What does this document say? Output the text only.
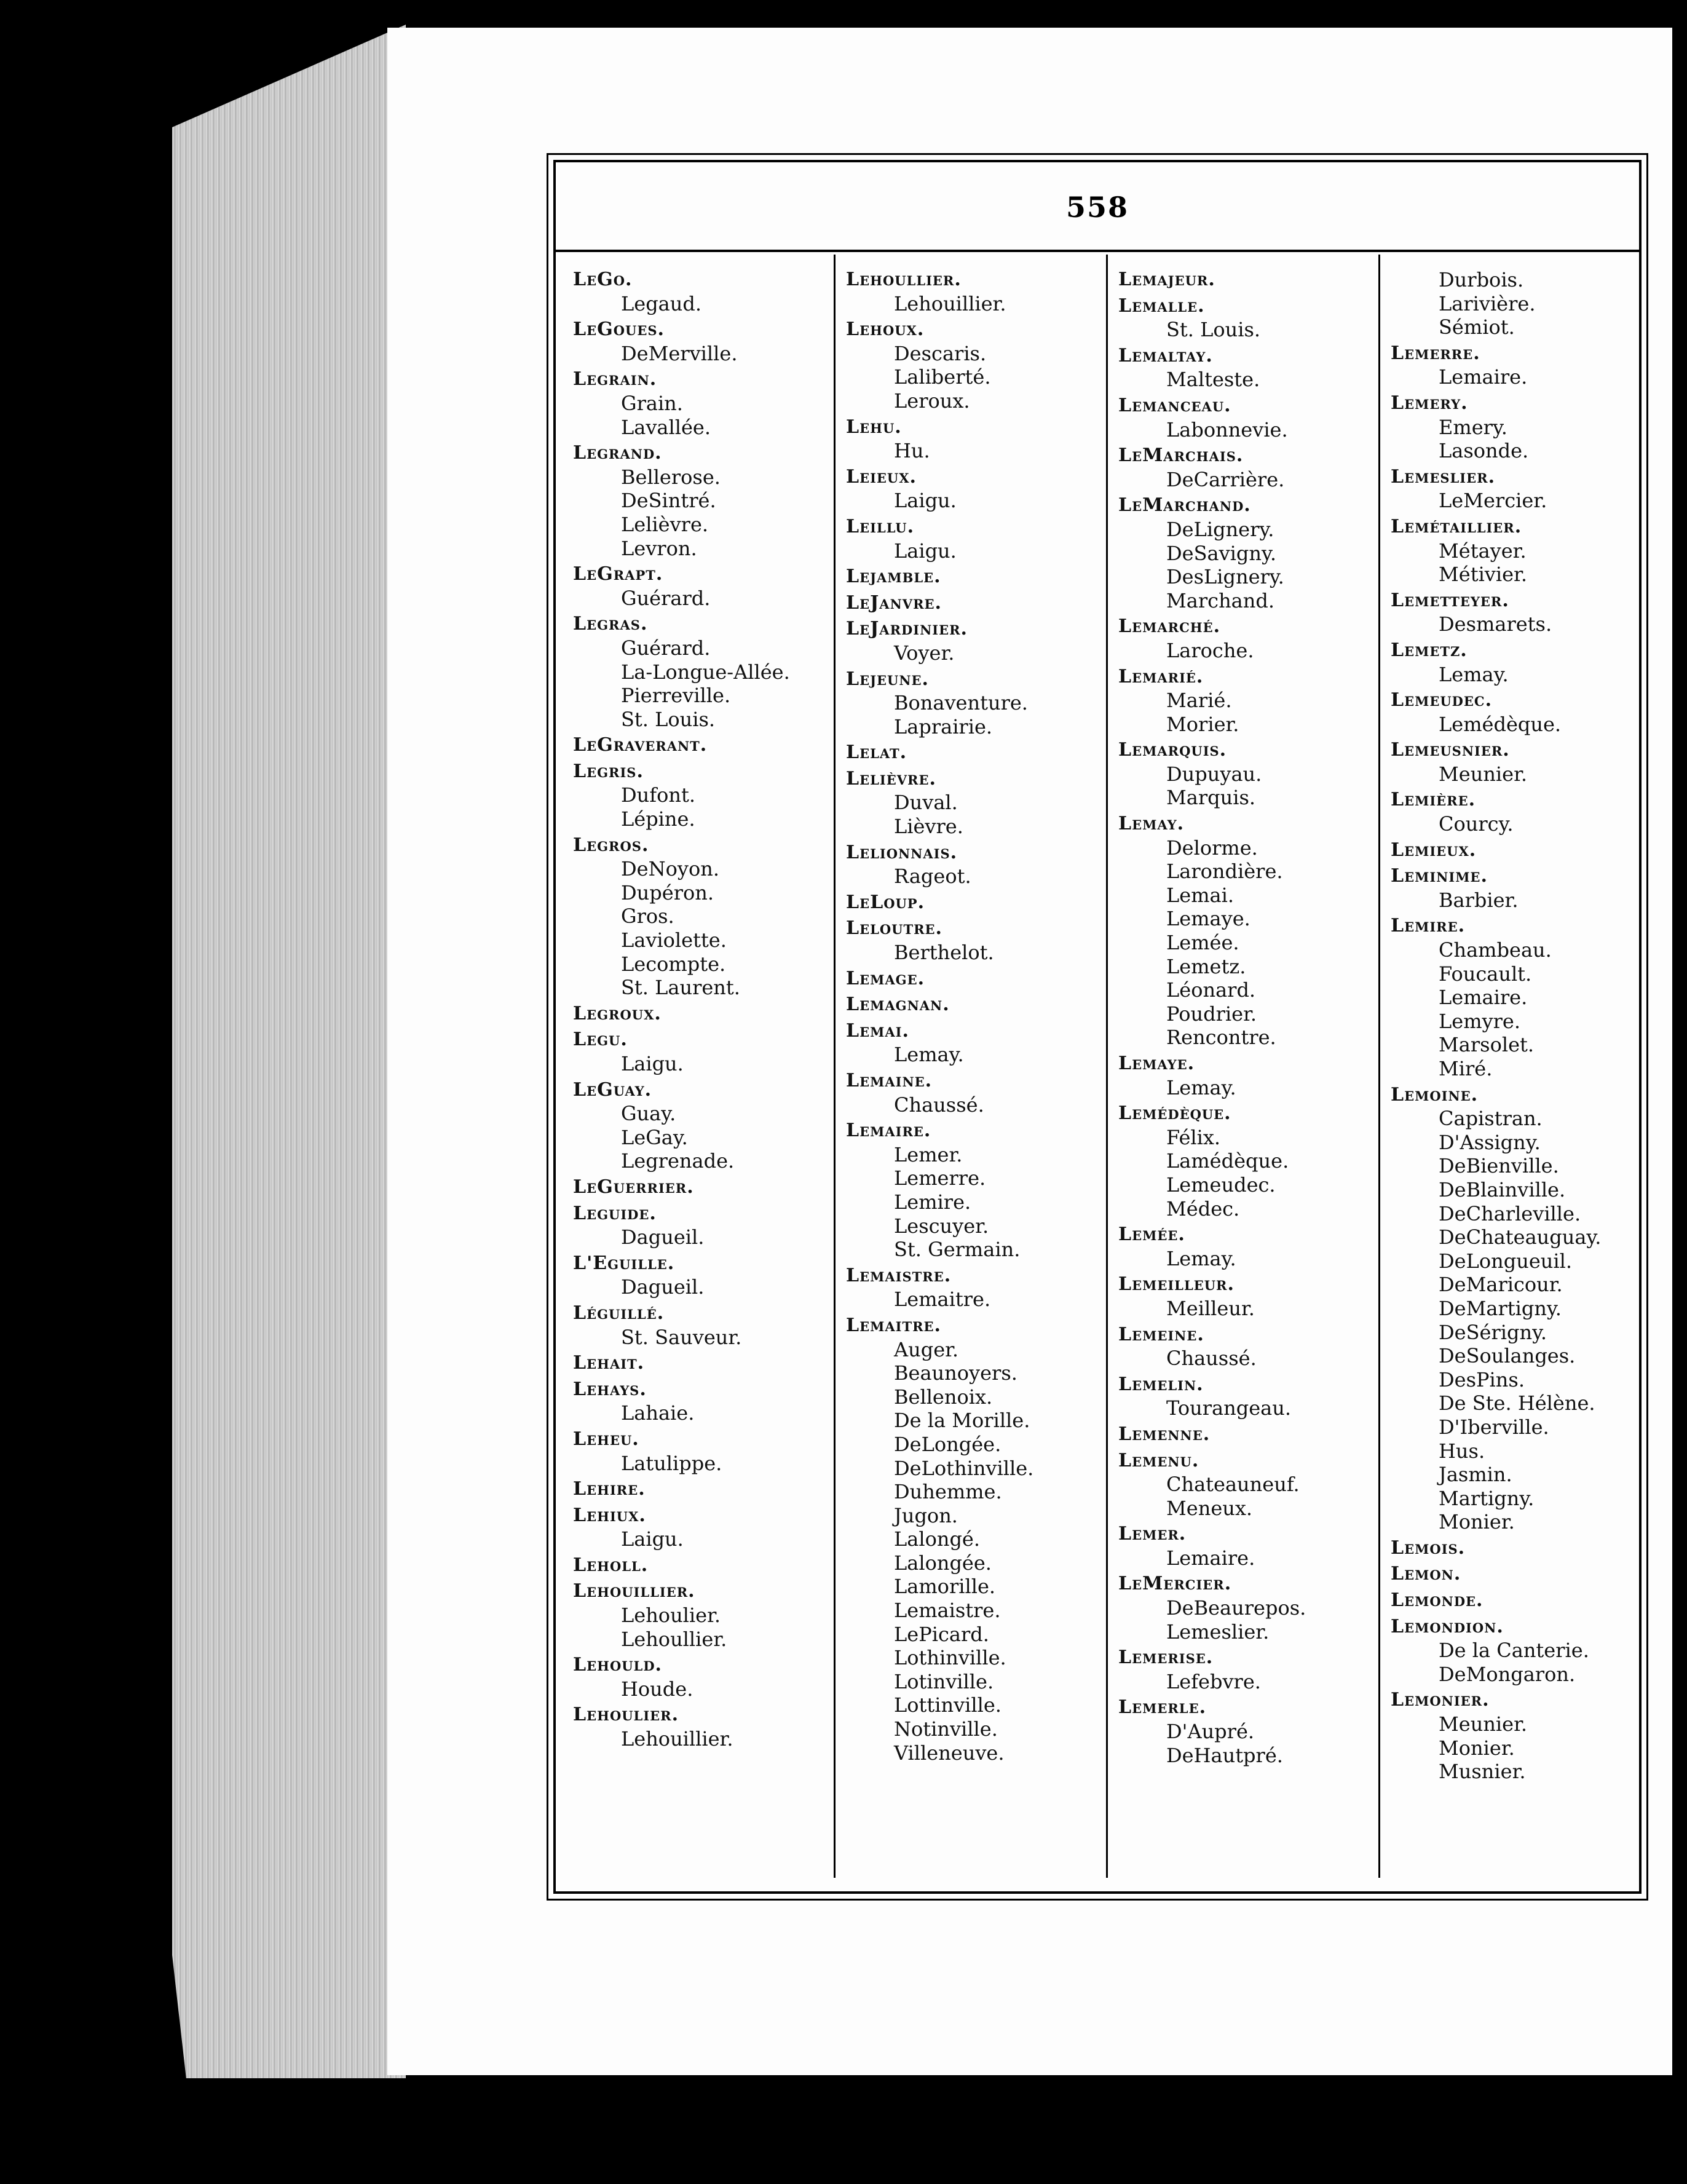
558
LeGo.
Legaud.
LeGoues.
DeMerville.
Legrain.
Grain.
Lavallée.
Legrand.
Bellerose.
DeSintré.
Lelièvre.
Levron.
LeGrapt.
Guérard.
Legras.
Guérard.
La-Longue-Allée.
Pierreville.
St. Louis.
LeGraverant.
Legris.
Dufont.
Lépine.
Legros.
DeNoyon.
Dupéron.
Gros.
Laviolette.
Lecompte.
St. Laurent.
Legroux.
Legu.
Laigu.
LeGuay.
Guay.
LeGay.
Legrenade.
LeGuerrier.
Leguide.
Dagueil.
L'Eguille.
Dagueil.
Léguillé.
St. Sauveur.
Lehait.
Lehays.
Lahaie.
Leheu.
Latulippe.
Lehire.
Lehiux.
Laigu.
Leholl.
Lehouillier.
Lehoulier.
Lehoullier.
Lehould.
Houde.
Lehoulier.
Lehouillier.
Lehoullier.
Lehouillier.
Lehoux.
Descaris.
Laliberté.
Leroux.
Lehu.
Hu.
Leieux.
Laigu.
Leillu.
Laigu.
Lejamble.
LeJanvre.
LeJardinier.
Voyer.
Lejeune.
Bonaventure.
Laprairie.
Lelat.
Lelièvre.
Duval.
Lièvre.
Lelionnais.
Rageot.
LeLoup.
Leloutre.
Berthelot.
Lemage.
Lemagnan.
Lemai.
Lemay.
Lemaine.
Chaussé.
Lemaire.
Lemer.
Lemerre.
Lemire.
Lescuyer.
St. Germain.
Lemaistre.
Lemaitre.
Lemaitre.
Auger.
Beaunoyers.
Bellenoix.
De la Morille.
DeLongée.
DeLothinville.
Duhemme.
Jugon.
Lalongé.
Lalongée.
Lamorille.
Lemaistre.
LePicard.
Lothinville.
Lotinville.
Lottinville.
Notinville.
Villeneuve.
Lemajeur.
Lemalle.
St. Louis.
Lemaltay.
Malteste.
Lemanceau.
Labonnevie.
LeMarchais.
DeCarrière.
LeMarchand.
DeLignery.
DeSavigny.
DesLignery.
Marchand.
Lemarché.
Laroche.
Lemarié.
Marié.
Morier.
Lemarquis.
Dupuyau.
Marquis.
Lemay.
Delorme.
Larondière.
Lemai.
Lemaye.
Lemée.
Lemetz.
Léonard.
Poudrier.
Rencontre.
Lemaye.
Lemay.
Lemédèque.
Félix.
Lamédèque.
Lemeudec.
Médec.
Lemée.
Lemay.
Lemeilleur.
Meilleur.
Lemeine.
Chaussé.
Lemelin.
Tourangeau.
Lemenne.
Lemenu.
Chateauneuf.
Meneux.
Lemer.
Lemaire.
LeMercier.
DeBeaurepos.
Lemeslier.
Lemerise.
Lefebvre.
Lemerle.
D'Aupré.
DeHautpré.
Durbois.
Larivière.
Sémiot.
Lemerre.
Lemaire.
Lemery.
Emery.
Lasonde.
Lemeslier.
LeMercier.
Lemétaillier.
Métayer.
Métivier.
Lemetteyer.
Desmarets.
Lemetz.
Lemay.
Lemeudec.
Lemédèque.
Lemeusnier.
Meunier.
Lemière.
Courcy.
Lemieux.
Leminime.
Barbier.
Lemire.
Chambeau.
Foucault.
Lemaire.
Lemyre.
Marsolet.
Miré.
Lemoine.
Capistran.
D'Assigny.
DeBienville.
DeBlainville.
DeCharleville.
DeChateauguay.
DeLongueuil.
DeMaricour.
DeMartigny.
DeSérigny.
DeSoulanges.
DesPins.
De Ste. Hélène.
D'Iberville.
Hus.
Jasmin.
Martigny.
Monier.
Lemois.
Lemon.
Lemonde.
Lemondion.
De la Canterie.
DeMongaron.
Lemonier.
Meunier.
Monier.
Musnier.
